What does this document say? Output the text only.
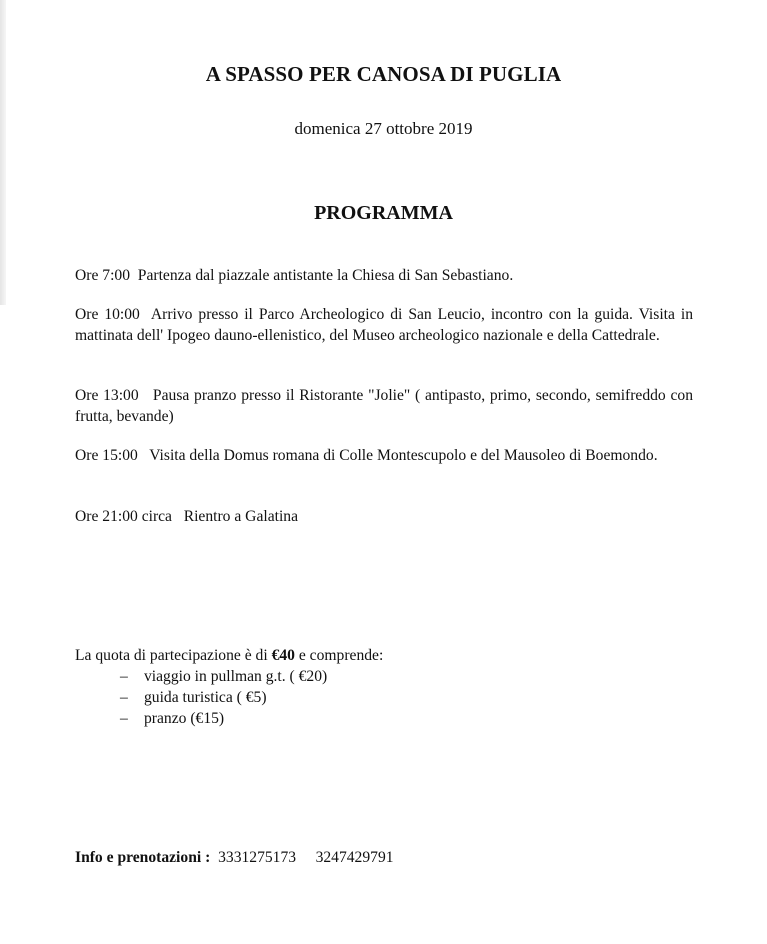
A SPASSO PER CANOSA DI PUGLIA
domenica 27 ottobre 2019
PROGRAMMA
Ore 7:00 Partenza dal piazzale antistante la Chiesa di San Sebastiano.
Ore 10:00 Arrivo presso il Parco Archeologico di San Leucio, incontro con la guida. Visita in mattinata dell' Ipogeo dauno-ellenistico, del Museo archeologico nazionale e della Cattedrale.
Ore 13:00 Pausa pranzo presso il Ristorante "Jolie" ( antipasto, primo, secondo, semifreddo con frutta, bevande)
Ore 15:00 Visita della Domus romana di Colle Montescupolo e del Mausoleo di Boemondo.
Ore 21:00 circa Rientro a Galatina
La quota di partecipazione è di €40 e comprende:
– viaggio in pullman g.t. ( €20)
– guida turistica ( €5)
– pranzo (€15)
Info e prenotazioni : 3331275173 3247429791
